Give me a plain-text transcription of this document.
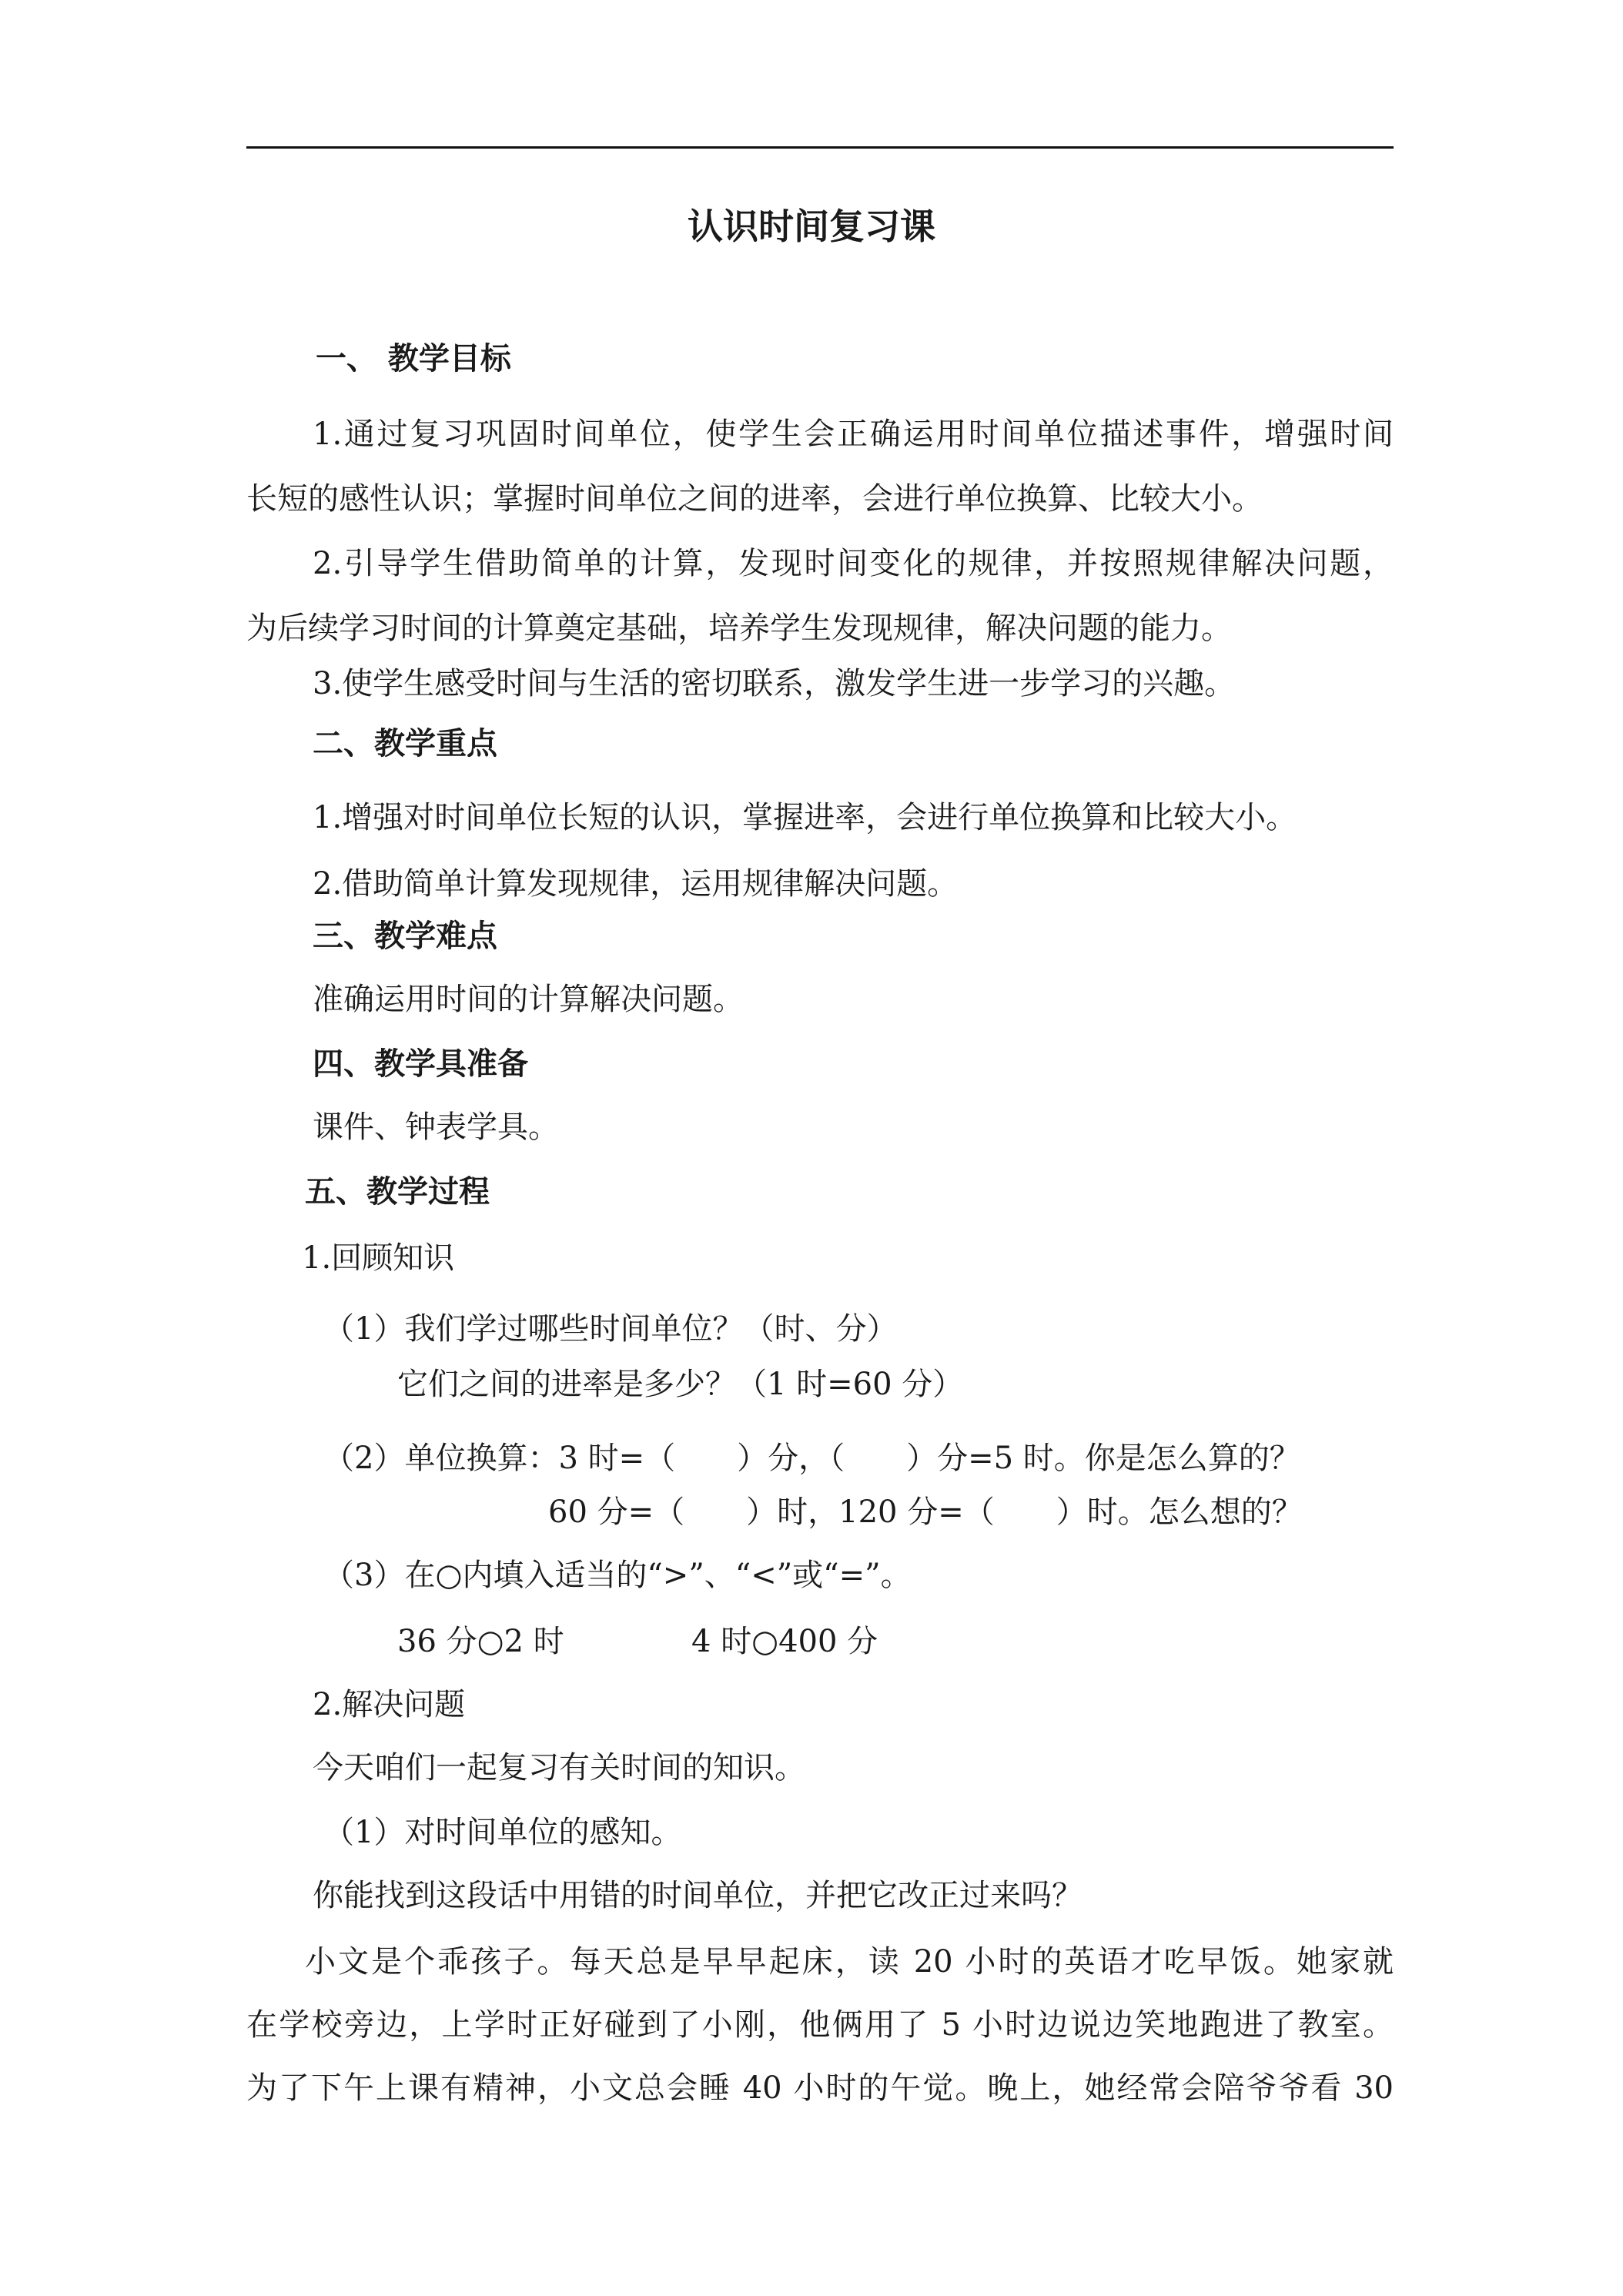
认识时间复习课
一、 教学目标
1.通过复习巩固时间单位，使学生会正确运用时间单位描述事件，增强时间
长短的感性认识；掌握时间单位之间的进率，会进行单位换算、比较大小。
2.引导学生借助简单的计算，发现时间变化的规律，并按照规律解决问题，
为后续学习时间的计算奠定基础，培养学生发现规律，解决问题的能力。
3.使学生感受时间与生活的密切联系，激发学生进一步学习的兴趣。
二、教学重点
1.增强对时间单位长短的认识，掌握进率，会进行单位换算和比较大小。
2.借助简单计算发现规律，运用规律解决问题。
三、教学难点
准确运用时间的计算解决问题。
四、教学具准备
课件、钟表学具。
五、教学过程
1.回顾知识
（1）我们学过哪些时间单位？（时、分）
它们之间的进率是多少？（1 时=60 分）
（2）单位换算：3 时=（　　）分，（　　）分=5 时。你是怎么算的？
60 分=（　　）时，120 分=（　　）时。怎么想的？
（3）在○内填入适当的“>”、“<”或“=”。
36 分○2 时	4 时○400 分
2.解决问题
今天咱们一起复习有关时间的知识。
（1）对时间单位的感知。
你能找到这段话中用错的时间单位，并把它改正过来吗？
小文是个乖孩子。每天总是早早起床，读 20 小时的英语才吃早饭。她家就
在学校旁边，上学时正好碰到了小刚，他俩用了 5 小时边说边笑地跑进了教室。
为了下午上课有精神，小文总会睡 40 小时的午觉。晚上，她经常会陪爷爷看 30
